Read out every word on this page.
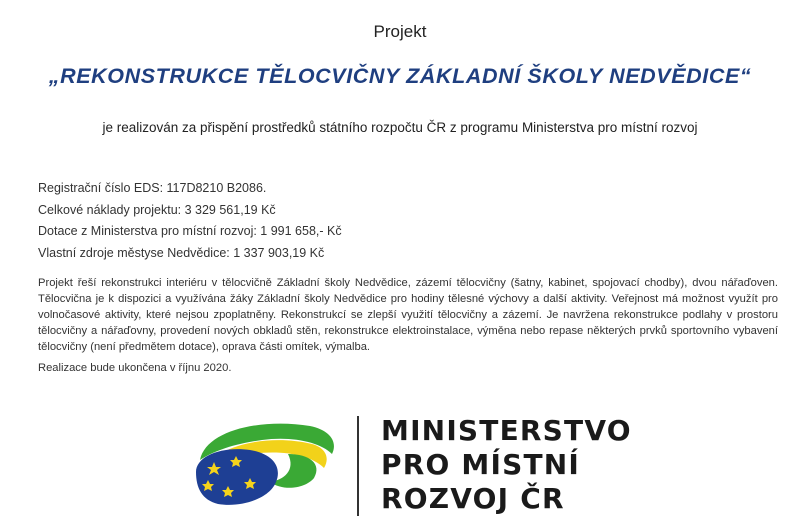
Projekt
„REKONSTRUKCE TĚLOCVIČNY ZÁKLADNÍ ŠKOLY NEDVĚDICE“
je realizován za přispění prostředků státního rozpočtu ČR z programu Ministerstva pro místní rozvoj
Registrační číslo EDS: 117D8210 B2086.
Celkové náklady projektu: 3 329 561,19 Kč
Dotace z Ministerstva pro místní rozvoj: 1 991 658,- Kč
Vlastní zdroje městyse Nedvědice: 1 337 903,19 Kč

Projekt řeší rekonstrukci interiéru v tělocvičně Základní školy Nedvědice, zázemí tělocvičny (šatny, kabinet, spojovací chodby), dvou nářaďoven. Tělocvična je k dispozici a využívána žáky Základní školy Nedvědice pro hodiny tělesné výchovy a další aktivity. Veřejnost má možnost využít pro volnočasové aktivity, které nejsou zpoplatněny. Rekonstrukcí se zlepší využití tělocvičny a zázemí. Je navržena rekonstrukce podlahy v prostoru tělocvičny a nářaďovny, provedení nových obkladů stěn, rekonstrukce elektroinstalace, výměna nebo repase některých prvků sportovního vybavení tělocvičny (není předmětem dotace), oprava části omítek, výmalba.

Realizace bude ukončena v říjnu 2020.

MINISTERSTVO
PRO MÍSTNÍ
ROZVOJ ČR
